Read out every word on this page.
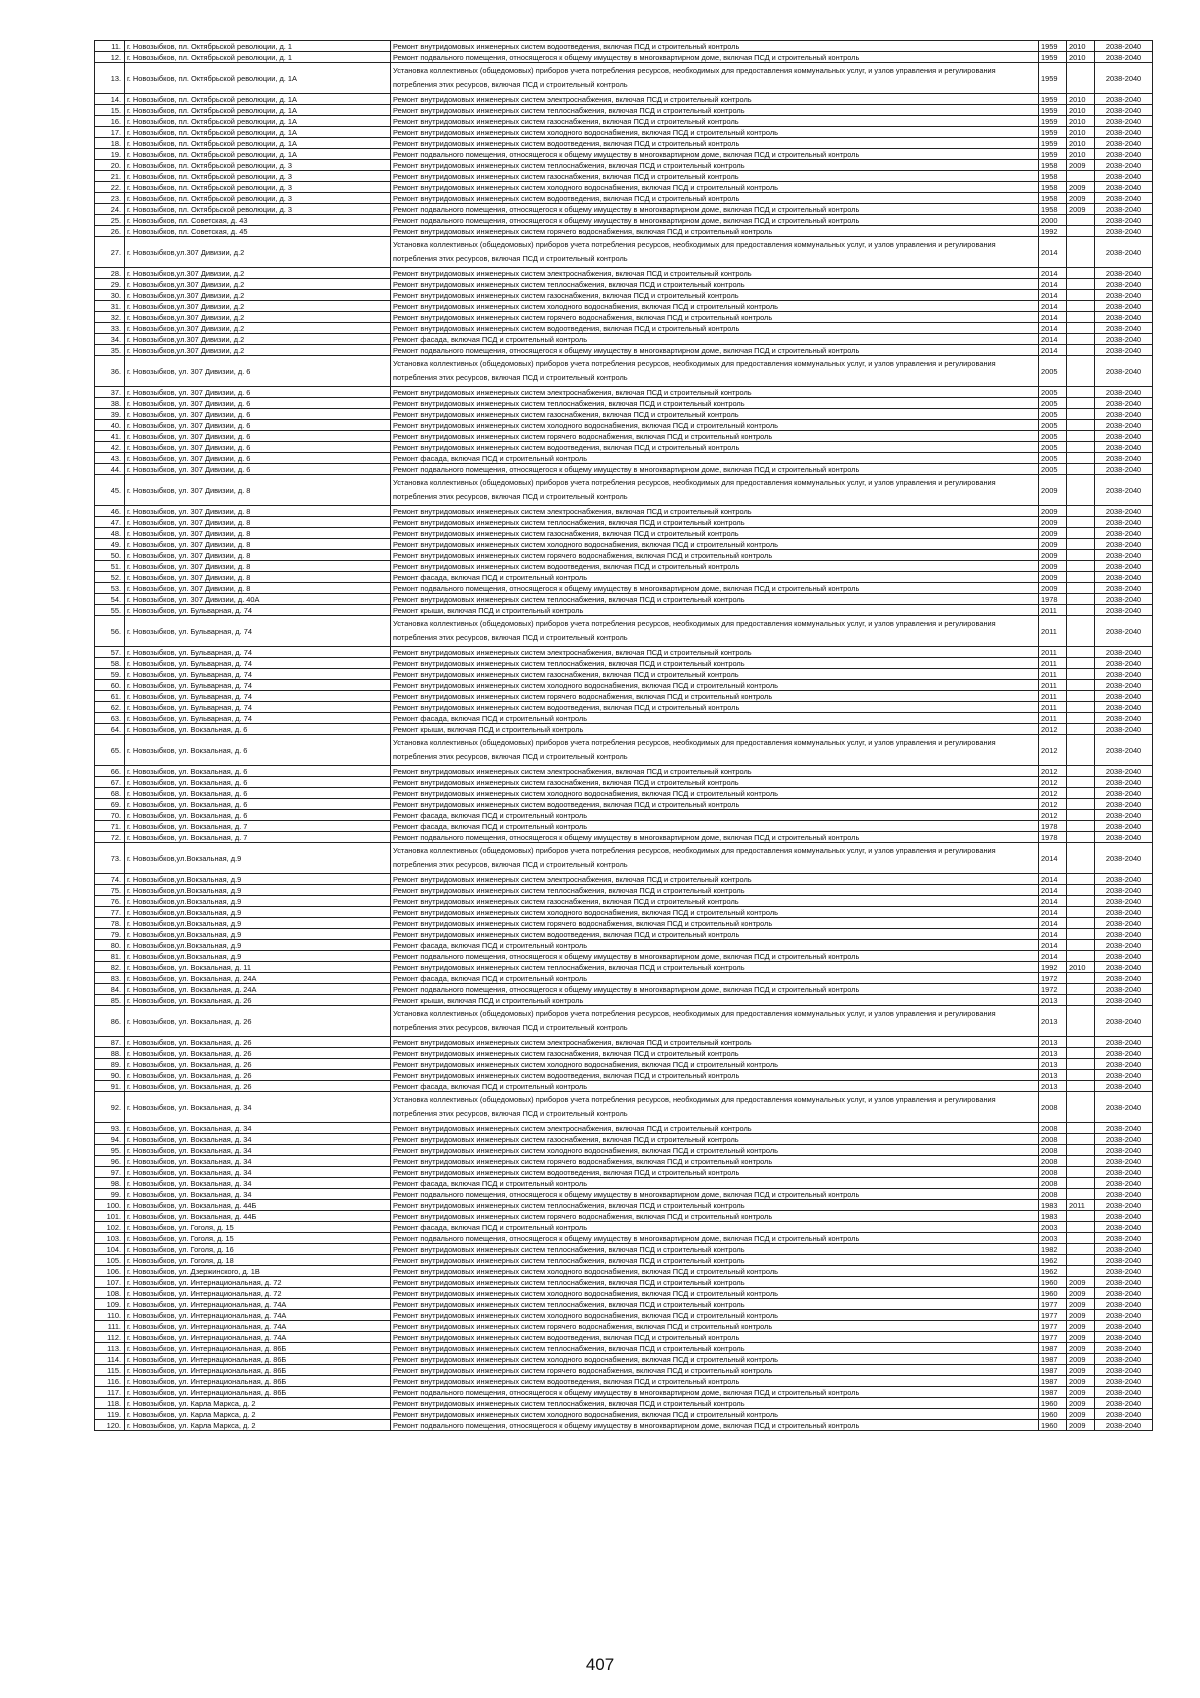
11.	г. Новозыбков, пл. Октябрьской революции, д. 1	Ремонт внутридомовых инженерных систем водоотведения, включая ПСД и строительный контроль	1959	2010	2038-2040
12.	г. Новозыбков, пл. Октябрьской революции, д. 1	Ремонт подвального помещения, относящегося к общему имуществу в многоквартирном доме, включая ПСД и строительный контроль	1959	2010	2038-2040
13.	г. Новозыбков, пл. Октябрьской революции, д. 1А	Установка коллективных (общедомовых) приборов учета потребления ресурсов, необходимых для предоставления коммунальных услуг, и узлов управления и регулирования потребления этих ресурсов, включая ПСД и строительный контроль	1959		2038-2040
14.	г. Новозыбков, пл. Октябрьской революции, д. 1А	Ремонт внутридомовых инженерных систем электроснабжения, включая ПСД и строительный контроль	1959	2010	2038-2040
15.	г. Новозыбков, пл. Октябрьской революции, д. 1А	Ремонт внутридомовых инженерных систем теплоснабжения, включая ПСД и строительный контроль	1959	2010	2038-2040
16.	г. Новозыбков, пл. Октябрьской революции, д. 1А	Ремонт внутридомовых инженерных систем газоснабжения, включая ПСД и строительный контроль	1959	2010	2038-2040
17.	г. Новозыбков, пл. Октябрьской революции, д. 1А	Ремонт внутридомовых инженерных систем холодного водоснабжения, включая ПСД и строительный контроль	1959	2010	2038-2040
18.	г. Новозыбков, пл. Октябрьской революции, д. 1А	Ремонт внутридомовых инженерных систем водоотведения, включая ПСД и строительный контроль	1959	2010	2038-2040
19.	г. Новозыбков, пл. Октябрьской революции, д. 1А	Ремонт подвального помещения, относящегося к общему имуществу в многоквартирном доме, включая ПСД и строительный контроль	1959	2010	2038-2040
20.	г. Новозыбков, пл. Октябрьской революции, д. 3	Ремонт внутридомовых инженерных систем теплоснабжения, включая ПСД и строительный контроль	1958	2009	2038-2040
21.	г. Новозыбков, пл. Октябрьской революции, д. 3	Ремонт внутридомовых инженерных систем газоснабжения, включая ПСД и строительный контроль	1958		2038-2040
22.	г. Новозыбков, пл. Октябрьской революции, д. 3	Ремонт внутридомовых инженерных систем холодного водоснабжения, включая ПСД и строительный контроль	1958	2009	2038-2040
23.	г. Новозыбков, пл. Октябрьской революции, д. 3	Ремонт внутридомовых инженерных систем водоотведения, включая ПСД и строительный контроль	1958	2009	2038-2040
24.	г. Новозыбков, пл. Октябрьской революции, д. 3	Ремонт подвального помещения, относящегося к общему имуществу в многоквартирном доме, включая ПСД и строительный контроль	1958	2009	2038-2040
25.	г. Новозыбков, пл. Советская, д. 43	Ремонт подвального помещения, относящегося к общему имуществу в многоквартирном доме, включая ПСД и строительный контроль	2000		2038-2040
26.	г. Новозыбков, пл. Советская, д. 45	Ремонт внутридомовых инженерных систем горячего водоснабжения, включая ПСД и строительный контроль	1992		2038-2040
27.	г. Новозыбков,ул.307 Дивизии, д.2	Установка коллективных (общедомовых) приборов учета потребления ресурсов, необходимых для предоставления коммунальных услуг, и узлов управления и регулирования потребления этих ресурсов, включая ПСД и строительный контроль	2014		2038-2040
28.	г. Новозыбков,ул.307 Дивизии, д.2	Ремонт внутридомовых инженерных систем электроснабжения, включая ПСД и строительный контроль	2014		2038-2040
29.	г. Новозыбков,ул.307 Дивизии, д.2	Ремонт внутридомовых инженерных систем теплоснабжения, включая ПСД и строительный контроль	2014		2038-2040
30.	г. Новозыбков,ул.307 Дивизии, д.2	Ремонт внутридомовых инженерных систем газоснабжения, включая ПСД и строительный контроль	2014		2038-2040
31.	г. Новозыбков,ул.307 Дивизии, д.2	Ремонт внутридомовых инженерных систем холодного водоснабжения, включая ПСД и строительный контроль	2014		2038-2040
32.	г. Новозыбков,ул.307 Дивизии, д.2	Ремонт внутридомовых инженерных систем горячего водоснабжения, включая ПСД и строительный контроль	2014		2038-2040
33.	г. Новозыбков,ул.307 Дивизии, д.2	Ремонт внутридомовых инженерных систем водоотведения, включая ПСД и строительный контроль	2014		2038-2040
34.	г. Новозыбков,ул.307 Дивизии, д.2	Ремонт фасада, включая ПСД и строительный контроль	2014		2038-2040
35.	г. Новозыбков,ул.307 Дивизии, д.2	Ремонт подвального помещения, относящегося к общему имуществу в многоквартирном доме, включая ПСД и строительный контроль	2014		2038-2040
36.	г. Новозыбков, ул. 307 Дивизии, д. 6	Установка коллективных (общедомовых) приборов учета потребления ресурсов, необходимых для предоставления коммунальных услуг, и узлов управления и регулирования потребления этих ресурсов, включая ПСД и строительный контроль	2005		2038-2040
37.	г. Новозыбков, ул. 307 Дивизии, д. 6	Ремонт внутридомовых инженерных систем электроснабжения, включая ПСД и строительный контроль	2005		2038-2040
38.	г. Новозыбков, ул. 307 Дивизии, д. 6	Ремонт внутридомовых инженерных систем теплоснабжения, включая ПСД и строительный контроль	2005		2038-2040
39.	г. Новозыбков, ул. 307 Дивизии, д. 6	Ремонт внутридомовых инженерных систем газоснабжения, включая ПСД и строительный контроль	2005		2038-2040
40.	г. Новозыбков, ул. 307 Дивизии, д. 6	Ремонт внутридомовых инженерных систем холодного водоснабжения, включая ПСД и строительный контроль	2005		2038-2040
41.	г. Новозыбков, ул. 307 Дивизии, д. 6	Ремонт внутридомовых инженерных систем горячего водоснабжения, включая ПСД и строительный контроль	2005		2038-2040
42.	г. Новозыбков, ул. 307 Дивизии, д. 6	Ремонт внутридомовых инженерных систем водоотведения, включая ПСД и строительный контроль	2005		2038-2040
43.	г. Новозыбков, ул. 307 Дивизии, д. 6	Ремонт фасада, включая ПСД и строительный контроль	2005		2038-2040
44.	г. Новозыбков, ул. 307 Дивизии, д. 6	Ремонт подвального помещения, относящегося к общему имуществу в многоквартирном доме, включая ПСД и строительный контроль	2005		2038-2040
45.	г. Новозыбков, ул. 307 Дивизии, д. 8	Установка коллективных (общедомовых) приборов учета потребления ресурсов, необходимых для предоставления коммунальных услуг, и узлов управления и регулирования потребления этих ресурсов, включая ПСД и строительный контроль	2009		2038-2040
46.	г. Новозыбков, ул. 307 Дивизии, д. 8	Ремонт внутридомовых инженерных систем электроснабжения, включая ПСД и строительный контроль	2009		2038-2040
47.	г. Новозыбков, ул. 307 Дивизии, д. 8	Ремонт внутридомовых инженерных систем теплоснабжения, включая ПСД и строительный контроль	2009		2038-2040
48.	г. Новозыбков, ул. 307 Дивизии, д. 8	Ремонт внутридомовых инженерных систем газоснабжения, включая ПСД и строительный контроль	2009		2038-2040
49.	г. Новозыбков, ул. 307 Дивизии, д. 8	Ремонт внутридомовых инженерных систем холодного водоснабжения, включая ПСД и строительный контроль	2009		2038-2040
50.	г. Новозыбков, ул. 307 Дивизии, д. 8	Ремонт внутридомовых инженерных систем горячего водоснабжения, включая ПСД и строительный контроль	2009		2038-2040
51.	г. Новозыбков, ул. 307 Дивизии, д. 8	Ремонт внутридомовых инженерных систем водоотведения, включая ПСД и строительный контроль	2009		2038-2040
52.	г. Новозыбков, ул. 307 Дивизии, д. 8	Ремонт фасада, включая ПСД и строительный контроль	2009		2038-2040
53.	г. Новозыбков, ул. 307 Дивизии, д. 8	Ремонт подвального помещения, относящегося к общему имуществу в многоквартирном доме, включая ПСД и строительный контроль	2009		2038-2040
54.	г. Новозыбков, ул. 307 Дивизии, д. 40А	Ремонт внутридомовых инженерных систем теплоснабжения, включая ПСД и строительный контроль	1978		2038-2040
55.	г. Новозыбков, ул. Бульварная, д. 74	Ремонт крыши, включая ПСД и строительный контроль	2011		2038-2040
56.	г. Новозыбков, ул. Бульварная, д. 74	Установка коллективных (общедомовых) приборов учета потребления ресурсов, необходимых для предоставления коммунальных услуг, и узлов управления и регулирования потребления этих ресурсов, включая ПСД и строительный контроль	2011		2038-2040
57.	г. Новозыбков, ул. Бульварная, д. 74	Ремонт внутридомовых инженерных систем электроснабжения, включая ПСД и строительный контроль	2011		2038-2040
58.	г. Новозыбков, ул. Бульварная, д. 74	Ремонт внутридомовых инженерных систем теплоснабжения, включая ПСД и строительный контроль	2011		2038-2040
59.	г. Новозыбков, ул. Бульварная, д. 74	Ремонт внутридомовых инженерных систем газоснабжения, включая ПСД и строительный контроль	2011		2038-2040
60.	г. Новозыбков, ул. Бульварная, д. 74	Ремонт внутридомовых инженерных систем холодного водоснабжения, включая ПСД и строительный контроль	2011		2038-2040
61.	г. Новозыбков, ул. Бульварная, д. 74	Ремонт внутридомовых инженерных систем горячего водоснабжения, включая ПСД и строительный контроль	2011		2038-2040
62.	г. Новозыбков, ул. Бульварная, д. 74	Ремонт внутридомовых инженерных систем водоотведения, включая ПСД и строительный контроль	2011		2038-2040
63.	г. Новозыбков, ул. Бульварная, д. 74	Ремонт фасада, включая ПСД и строительный контроль	2011		2038-2040
64.	г. Новозыбков, ул. Вокзальная, д. 6	Ремонт крыши, включая ПСД и строительный контроль	2012		2038-2040
65.	г. Новозыбков, ул. Вокзальная, д. 6	Установка коллективных (общедомовых) приборов учета потребления ресурсов, необходимых для предоставления коммунальных услуг, и узлов управления и регулирования потребления этих ресурсов, включая ПСД и строительный контроль	2012		2038-2040
66.	г. Новозыбков, ул. Вокзальная, д. 6	Ремонт внутридомовых инженерных систем электроснабжения, включая ПСД и строительный контроль	2012		2038-2040
67.	г. Новозыбков, ул. Вокзальная, д. 6	Ремонт внутридомовых инженерных систем газоснабжения, включая ПСД и строительный контроль	2012		2038-2040
68.	г. Новозыбков, ул. Вокзальная, д. 6	Ремонт внутридомовых инженерных систем холодного водоснабжения, включая ПСД и строительный контроль	2012		2038-2040
69.	г. Новозыбков, ул. Вокзальная, д. 6	Ремонт внутридомовых инженерных систем водоотведения, включая ПСД и строительный контроль	2012		2038-2040
70.	г. Новозыбков, ул. Вокзальная, д. 6	Ремонт фасада, включая ПСД и строительный контроль	2012		2038-2040
71.	г. Новозыбков, ул. Вокзальная, д. 7	Ремонт фасада, включая ПСД и строительный контроль	1978		2038-2040
72.	г. Новозыбков, ул. Вокзальная, д. 7	Ремонт подвального помещения, относящегося к общему имуществу в многоквартирном доме, включая ПСД и строительный контроль	1978		2038-2040
73.	г. Новозыбков,ул.Вокзальная, д.9	Установка коллективных (общедомовых) приборов учета потребления ресурсов, необходимых для предоставления коммунальных услуг, и узлов управления и регулирования потребления этих ресурсов, включая ПСД и строительный контроль	2014		2038-2040
74.	г. Новозыбков,ул.Вокзальная, д.9	Ремонт внутридомовых инженерных систем электроснабжения, включая ПСД и строительный контроль	2014		2038-2040
75.	г. Новозыбков,ул.Вокзальная, д.9	Ремонт внутридомовых инженерных систем теплоснабжения, включая ПСД и строительный контроль	2014		2038-2040
76.	г. Новозыбков,ул.Вокзальная, д.9	Ремонт внутридомовых инженерных систем газоснабжения, включая ПСД и строительный контроль	2014		2038-2040
77.	г. Новозыбков,ул.Вокзальная, д.9	Ремонт внутридомовых инженерных систем холодного водоснабжения, включая ПСД и строительный контроль	2014		2038-2040
78.	г. Новозыбков,ул.Вокзальная, д.9	Ремонт внутридомовых инженерных систем горячего водоснабжения, включая ПСД и строительный контроль	2014		2038-2040
79.	г. Новозыбков,ул.Вокзальная, д.9	Ремонт внутридомовых инженерных систем водоотведения, включая ПСД и строительный контроль	2014		2038-2040
80.	г. Новозыбков,ул.Вокзальная, д.9	Ремонт фасада, включая ПСД и строительный контроль	2014		2038-2040
81.	г. Новозыбков,ул.Вокзальная, д.9	Ремонт подвального помещения, относящегося к общему имуществу в многоквартирном доме, включая ПСД и строительный контроль	2014		2038-2040
82.	г. Новозыбков, ул. Вокзальная, д. 11	Ремонт внутридомовых инженерных систем теплоснабжения, включая ПСД и строительный контроль	1992	2010	2038-2040
83.	г. Новозыбков, ул. Вокзальная, д. 24А	Ремонт фасада, включая ПСД и строительный контроль	1972		2038-2040
84.	г. Новозыбков, ул. Вокзальная, д. 24А	Ремонт подвального помещения, относящегося к общему имуществу в многоквартирном доме, включая ПСД и строительный контроль	1972		2038-2040
85.	г. Новозыбков, ул. Вокзальная, д. 26	Ремонт крыши, включая ПСД и строительный контроль	2013		2038-2040
86.	г. Новозыбков, ул. Вокзальная, д. 26	Установка коллективных (общедомовых) приборов учета потребления ресурсов, необходимых для предоставления коммунальных услуг, и узлов управления и регулирования потребления этих ресурсов, включая ПСД и строительный контроль	2013		2038-2040
87.	г. Новозыбков, ул. Вокзальная, д. 26	Ремонт внутридомовых инженерных систем электроснабжения, включая ПСД и строительный контроль	2013		2038-2040
88.	г. Новозыбков, ул. Вокзальная, д. 26	Ремонт внутридомовых инженерных систем газоснабжения, включая ПСД и строительный контроль	2013		2038-2040
89.	г. Новозыбков, ул. Вокзальная, д. 26	Ремонт внутридомовых инженерных систем холодного водоснабжения, включая ПСД и строительный контроль	2013		2038-2040
90.	г. Новозыбков, ул. Вокзальная, д. 26	Ремонт внутридомовых инженерных систем водоотведения, включая ПСД и строительный контроль	2013		2038-2040
91.	г. Новозыбков, ул. Вокзальная, д. 26	Ремонт фасада, включая ПСД и строительный контроль	2013		2038-2040
92.	г. Новозыбков, ул. Вокзальная, д. 34	Установка коллективных (общедомовых) приборов учета потребления ресурсов, необходимых для предоставления коммунальных услуг, и узлов управления и регулирования потребления этих ресурсов, включая ПСД и строительный контроль	2008		2038-2040
93.	г. Новозыбков, ул. Вокзальная, д. 34	Ремонт внутридомовых инженерных систем электроснабжения, включая ПСД и строительный контроль	2008		2038-2040
94.	г. Новозыбков, ул. Вокзальная, д. 34	Ремонт внутридомовых инженерных систем газоснабжения, включая ПСД и строительный контроль	2008		2038-2040
95.	г. Новозыбков, ул. Вокзальная, д. 34	Ремонт внутридомовых инженерных систем холодного водоснабжения, включая ПСД и строительный контроль	2008		2038-2040
96.	г. Новозыбков, ул. Вокзальная, д. 34	Ремонт внутридомовых инженерных систем горячего водоснабжения, включая ПСД и строительный контроль	2008		2038-2040
97.	г. Новозыбков, ул. Вокзальная, д. 34	Ремонт внутридомовых инженерных систем водоотведения, включая ПСД и строительный контроль	2008		2038-2040
98.	г. Новозыбков, ул. Вокзальная, д. 34	Ремонт фасада, включая ПСД и строительный контроль	2008		2038-2040
99.	г. Новозыбков, ул. Вокзальная, д. 34	Ремонт подвального помещения, относящегося к общему имуществу в многоквартирном доме, включая ПСД и строительный контроль	2008		2038-2040
100.	г. Новозыбков, ул. Вокзальная, д. 44Б	Ремонт внутридомовых инженерных систем теплоснабжения, включая ПСД и строительный контроль	1983	2011	2038-2040
101.	г. Новозыбков, ул. Вокзальная, д. 44Б	Ремонт внутридомовых инженерных систем горячего водоснабжения, включая ПСД и строительный контроль	1983		2038-2040
102.	г. Новозыбков, ул. Гоголя, д. 15	Ремонт фасада, включая ПСД и строительный контроль	2003		2038-2040
103.	г. Новозыбков, ул. Гоголя, д. 15	Ремонт подвального помещения, относящегося к общему имуществу в многоквартирном доме, включая ПСД и строительный контроль	2003		2038-2040
104.	г. Новозыбков, ул. Гоголя, д. 16	Ремонт внутридомовых инженерных систем теплоснабжения, включая ПСД и строительный контроль	1982		2038-2040
105.	г. Новозыбков, ул. Гоголя, д. 18	Ремонт внутридомовых инженерных систем теплоснабжения, включая ПСД и строительный контроль	1962		2038-2040
106.	г. Новозыбков, ул. Дзержинского, д. 1В	Ремонт внутридомовых инженерных систем холодного водоснабжения, включая ПСД и строительный контроль	1962		2038-2040
107.	г. Новозыбков, ул. Интернациональная, д. 72	Ремонт внутридомовых инженерных систем теплоснабжения, включая ПСД и строительный контроль	1960	2009	2038-2040
108.	г. Новозыбков, ул. Интернациональная, д. 72	Ремонт внутридомовых инженерных систем холодного водоснабжения, включая ПСД и строительный контроль	1960	2009	2038-2040
109.	г. Новозыбков, ул. Интернациональная, д. 74А	Ремонт внутридомовых инженерных систем теплоснабжения, включая ПСД и строительный контроль	1977	2009	2038-2040
110.	г. Новозыбков, ул. Интернациональная, д. 74А	Ремонт внутридомовых инженерных систем холодного водоснабжения, включая ПСД и строительный контроль	1977	2009	2038-2040
111.	г. Новозыбков, ул. Интернациональная, д. 74А	Ремонт внутридомовых инженерных систем горячего водоснабжения, включая ПСД и строительный контроль	1977	2009	2038-2040
112.	г. Новозыбков, ул. Интернациональная, д. 74А	Ремонт внутридомовых инженерных систем водоотведения, включая ПСД и строительный контроль	1977	2009	2038-2040
113.	г. Новозыбков, ул. Интернациональная, д. 86Б	Ремонт внутридомовых инженерных систем теплоснабжения, включая ПСД и строительный контроль	1987	2009	2038-2040
114.	г. Новозыбков, ул. Интернациональная, д. 86Б	Ремонт внутридомовых инженерных систем холодного водоснабжения, включая ПСД и строительный контроль	1987	2009	2038-2040
115.	г. Новозыбков, ул. Интернациональная, д. 86Б	Ремонт внутридомовых инженерных систем горячего водоснабжения, включая ПСД и строительный контроль	1987	2009	2038-2040
116.	г. Новозыбков, ул. Интернациональная, д. 86Б	Ремонт внутридомовых инженерных систем водоотведения, включая ПСД и строительный контроль	1987	2009	2038-2040
117.	г. Новозыбков, ул. Интернациональная, д. 86Б	Ремонт подвального помещения, относящегося к общему имуществу в многоквартирном доме, включая ПСД и строительный контроль	1987	2009	2038-2040
118.	г. Новозыбков, ул. Карла Маркса, д. 2	Ремонт внутридомовых инженерных систем теплоснабжения, включая ПСД и строительный контроль	1960	2009	2038-2040
119.	г. Новозыбков, ул. Карла Маркса, д. 2	Ремонт внутридомовых инженерных систем холодного водоснабжения, включая ПСД и строительный контроль	1960	2009	2038-2040
120.	г. Новозыбков, ул. Карла Маркса, д. 2	Ремонт подвального помещения, относящегося к общему имуществу в многоквартирном доме, включая ПСД и строительный контроль	1960	2009	2038-2040
407
